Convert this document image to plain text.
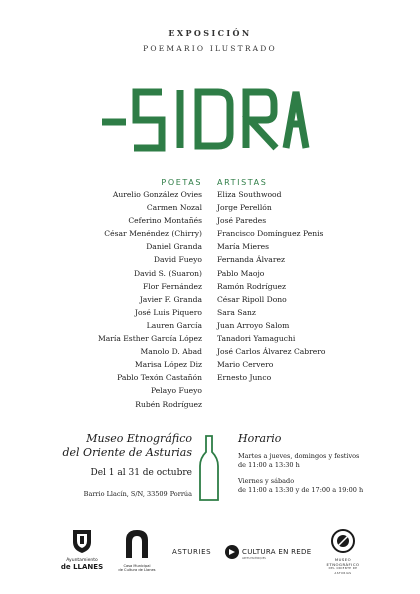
EXPOSICIÓN
POEMARIO ILUSTRADO
SIDRA
POETAS ARTISTAS
Aurelio González Ovies
Carmen Nozal
Ceferino Montañés
César Menéndez (Chirry)
Daniel Granda
David Fueyo
David S. (Suaron)
Flor Fernández
Javier F. Granda
José Luis Piquero
Lauren García
María Esther García López
Manolo D. Abad
Marisa López Diz
Pablo Texón Castañón
Pelayo Fueyo
Rubén Rodríguez
Eliza Southwood
Jorge Perellón
José Paredes
Francisco Domínguez Penis
María Mieres
Fernanda Álvarez
Pablo Maojo
Ramón Rodríguez
César Ripoll Dono
Sara Sanz
Juan Arroyo Salom
Tanadori Yamaguchi
José Carlos Álvarez Cabrero
Mario Cervero
Ernesto Junco
Museo Etnográfico
del Oriente de Asturias
Del 1 al 31 de octubre
Barrio Llacín, S/N, 33509 Porrúa
Horario
Martes a jueves, domingos y festivos
de 11:00 a 13:30 h
Viernes y sábado
de 11:00 a 13:30 y de 17:00 a 19:00 h
Ayuntamiento
de LLANES	Casa Municipal
de Cultura de Llanes
ASTURIES	CULTURA EN REDE
ARTES ESCÉNIQUES	MUSEO
ETNOGRÁFICO
DEL ORIENTE DE ASTURIAS
